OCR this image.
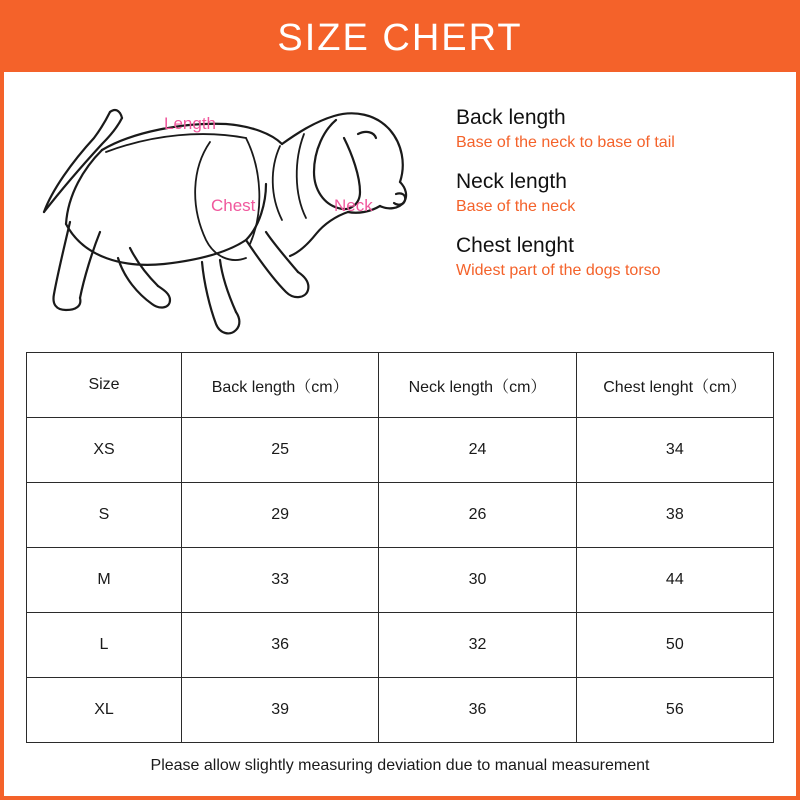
SIZE CHERT
Length
Chest	Neck
Back length
Base of the neck to base of tail
Neck length
Base of the neck
Chest lenght
Widest part of the dogs torso
Size	Back length（cm）	Neck length（cm）	Chest lenght（cm）
XS	25	24	34
S	29	26	38
M	33	30	44
L	36	32	50
XL	39	36	56
Please allow slightly measuring deviation due to manual measurement
